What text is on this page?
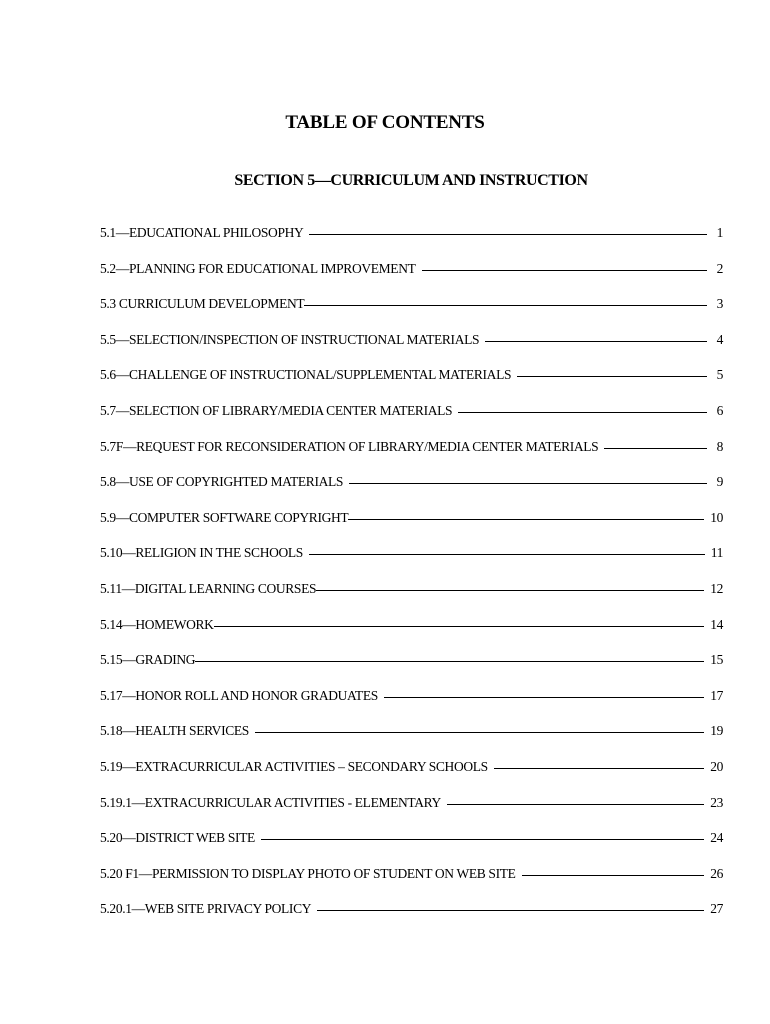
TABLE OF CONTENTS
SECTION 5—CURRICULUM AND INSTRUCTION
5.1—EDUCATIONAL PHILOSOPHY	1
5.2—PLANNING FOR EDUCATIONAL IMPROVEMENT	2
5.3 CURRICULUM DEVELOPMENT	3
5.5—SELECTION/INSPECTION OF INSTRUCTIONAL MATERIALS	4
5.6—CHALLENGE OF INSTRUCTIONAL/SUPPLEMENTAL MATERIALS	5
5.7—SELECTION OF LIBRARY/MEDIA CENTER MATERIALS	6
5.7F—REQUEST FOR RECONSIDERATION OF LIBRARY/MEDIA CENTER MATERIALS	8
5.8—USE OF COPYRIGHTED MATERIALS	9
5.9—COMPUTER SOFTWARE COPYRIGHT	10
5.10—RELIGION IN THE SCHOOLS	11
5.11—DIGITAL LEARNING COURSES	12
5.14—HOMEWORK	14
5.15—GRADING	15
5.17—HONOR ROLL AND HONOR GRADUATES	17
5.18—HEALTH SERVICES	19
5.19—EXTRACURRICULAR ACTIVITIES – SECONDARY SCHOOLS	20
5.19.1—EXTRACURRICULAR ACTIVITIES - ELEMENTARY	23
5.20—DISTRICT WEB SITE	24
5.20 F1—PERMISSION TO DISPLAY PHOTO OF STUDENT ON WEB SITE	26
5.20.1—WEB SITE PRIVACY POLICY	27
